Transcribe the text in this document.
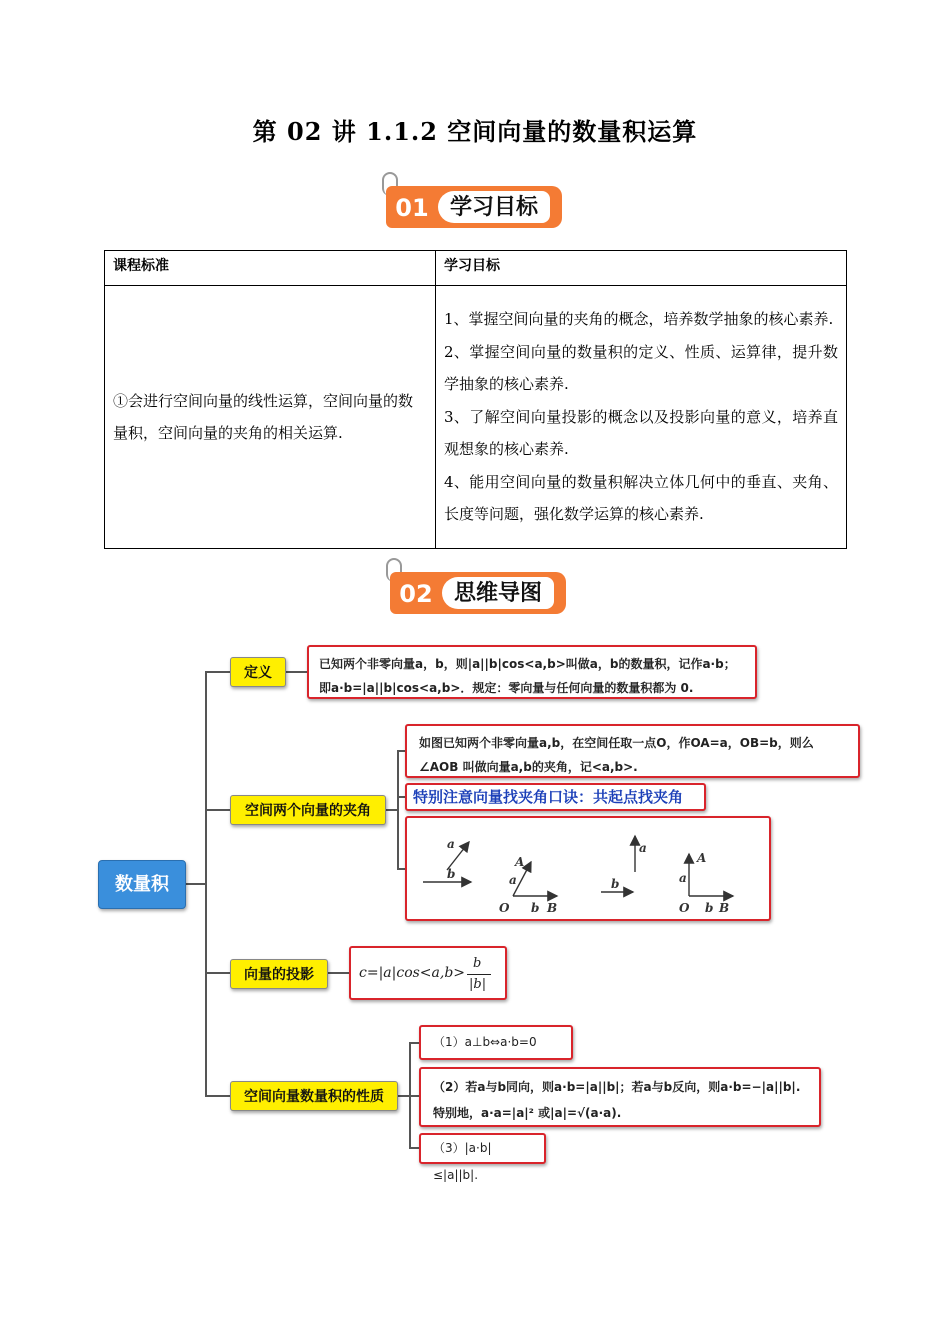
第 02 讲 1.1.2 空间向量的数量积运算
01 学习目标
课程标准	学习目标
①会进行空间向量的线性运算，空间向量的数量积，空间向量的夹角的相关运算.	1、掌握空间向量的夹角的概念，培养数学抽象的核心素养.
2、掌握空间向量的数量积的定义、性质、运算律，提升数学抽象的核心素养.
3、了解空间向量投影的概念以及投影向量的意义，培养直观想象的核心素养.
4、能用空间向量的数量积解决立体几何中的垂直、夹角、长度等问题，强化数学运算的核心素养.
02 思维导图
数量积
定义
已知两个非零向量a，b，则|a||b|cos<a,b>叫做a，b的数量积，记作a·b；
即a·b=|a||b|cos<a,b>．规定：零向量与任何向量的数量积都为 0.
空间两个向量的夹角
如图已知两个非零向量a,b，在空间任取一点O，作OA=a，OB=b，则么
∠AOB 叫做向量a,b的夹角，记<a,b>.
特别注意向量找夹角口诀：共起点找夹角
a
b
A
a
O b B
a
b
A
a
O b B
向量的投影	c=|a|cos<a,b>
b
|b|
空间向量数量积的性质
（1）a⊥b⇔a·b=0
（2）若a与b同向，则a·b=|a||b|；若a与b反向，则a·b=−|a||b|.
特别地，a·a=|a|² 或|a|=√(a·a).
（3）|a·b|≤|a||b|.
